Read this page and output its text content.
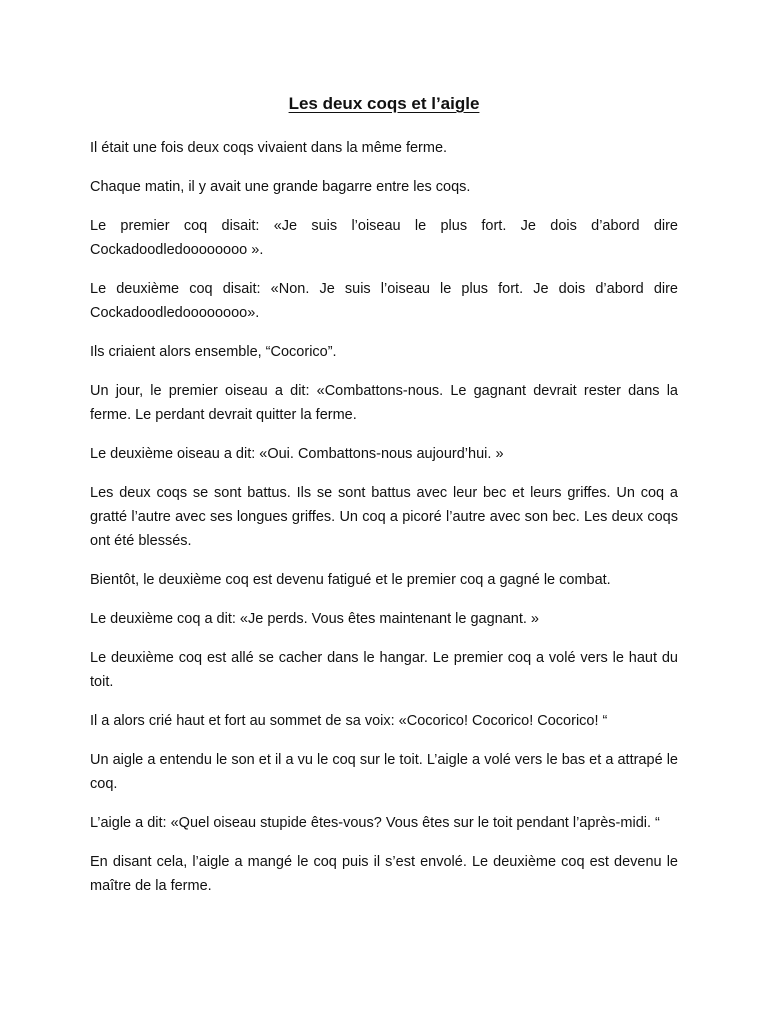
Les deux coqs et l’aigle

Il était une fois deux coqs vivaient dans la même ferme.

Chaque matin, il y avait une grande bagarre entre les coqs.

Le premier coq disait: «Je suis l’oiseau le plus fort. Je dois d’abord dire Cockadoodledoooooooo ».

Le deuxième coq disait: «Non. Je suis l’oiseau le plus fort. Je dois d’abord dire Cockadoodledoooooooo».

Ils criaient alors ensemble, “Cocorico”.

Un jour, le premier oiseau a dit: «Combattons-nous. Le gagnant devrait rester dans la ferme. Le perdant devrait quitter la ferme.

Le deuxième oiseau a dit: «Oui. Combattons-nous aujourd’hui. »

Les deux coqs se sont battus. Ils se sont battus avec leur bec et leurs griffes. Un coq a gratté l’autre avec ses longues griffes. Un coq a picoré l’autre avec son bec. Les deux coqs ont été blessés.

Bientôt, le deuxième coq est devenu fatigué et le premier coq a gagné le combat.

Le deuxième coq a dit: «Je perds. Vous êtes maintenant le gagnant. »

Le deuxième coq est allé se cacher dans le hangar. Le premier coq a volé vers le haut du toit.

Il a alors crié haut et fort au sommet de sa voix: «Cocorico! Cocorico! Cocorico! “

Un aigle a entendu le son et il a vu le coq sur le toit. L’aigle a volé vers le bas et a attrapé le coq.

L’aigle a dit: «Quel oiseau stupide êtes-vous? Vous êtes sur le toit pendant l’après-midi. “

En disant cela, l’aigle a mangé le coq puis il s’est envolé. Le deuxième coq est devenu le maître de la ferme.
